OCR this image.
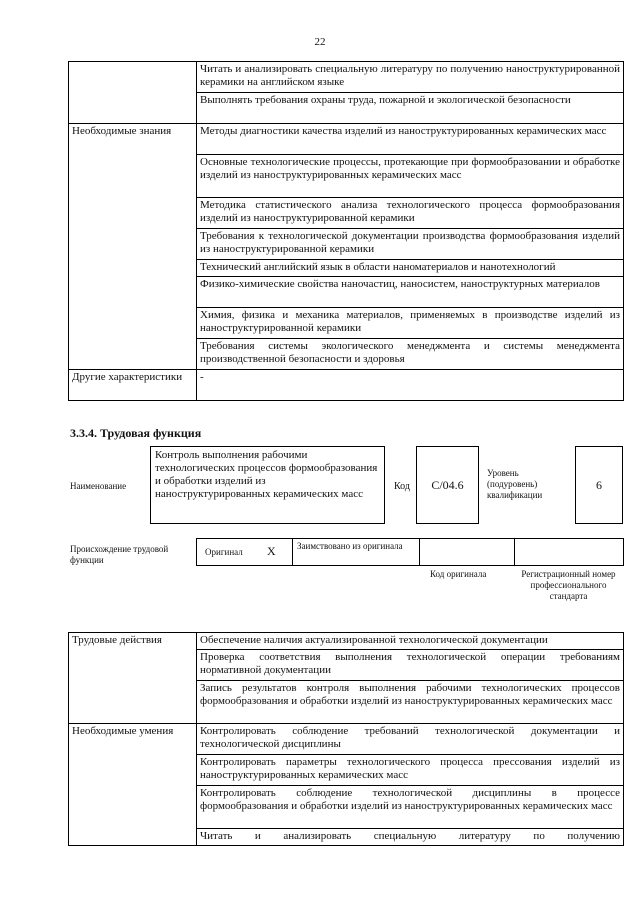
22
	Читать и анализировать специальную литературу по получению наноструктурированной керамики на английском языке
	Выполнять требования охраны труда, пожарной и экологической безопасности
Необходимые знания	Методы диагностики качества изделий из наноструктурированных керамических масс
	Основные технологические процессы, протекающие при формообразовании и обработке изделий из наноструктурированных керамических масс
	Методика статистического анализа технологического процесса формообразования изделий из наноструктурированной керамики
	Требования к технологической документации производства формообразования изделий из наноструктурированной керамики
	Технический английский язык в области наноматериалов и нанотехнологий
	Физико-химические свойства наночастиц, наносистем, наноструктурных материалов
	Химия, физика и механика материалов, применяемых в производстве изделий из наноструктурированной керамики
	Требования системы экологического менеджмента и системы менеджмента производственной безопасности и здоровья
Другие характеристики	-
3.3.4. Трудовая функция
Наименование
Контроль выполнения рабочими технологических процессов формообразования и обработки изделий из наноструктурированных керамических масс
Код С/04.6
Уровень (подуровень) квалификации
6
Происхождение трудовой функции
Оригинал X Заимствовано из оригинала
Код оригинала	Регистрационный номер профессионального стандарта
Трудовые действия	Обеспечение наличия актуализированной технологической документации
	Проверка соответствия выполнения технологической операции требованиям нормативной документации
	Запись результатов контроля выполнения рабочими технологических процессов формообразования и обработки изделий из наноструктурированных керамических масс
Необходимые умения	Контролировать соблюдение требований технологической документации и технологической дисциплины
	Контролировать параметры технологического процесса прессования изделий из наноструктурированных керамических масс
	Контролировать соблюдение технологической дисциплины в процессе формообразования и обработки изделий из наноструктурированных керамических масс
	Читать и анализировать специальную литературу по получению
